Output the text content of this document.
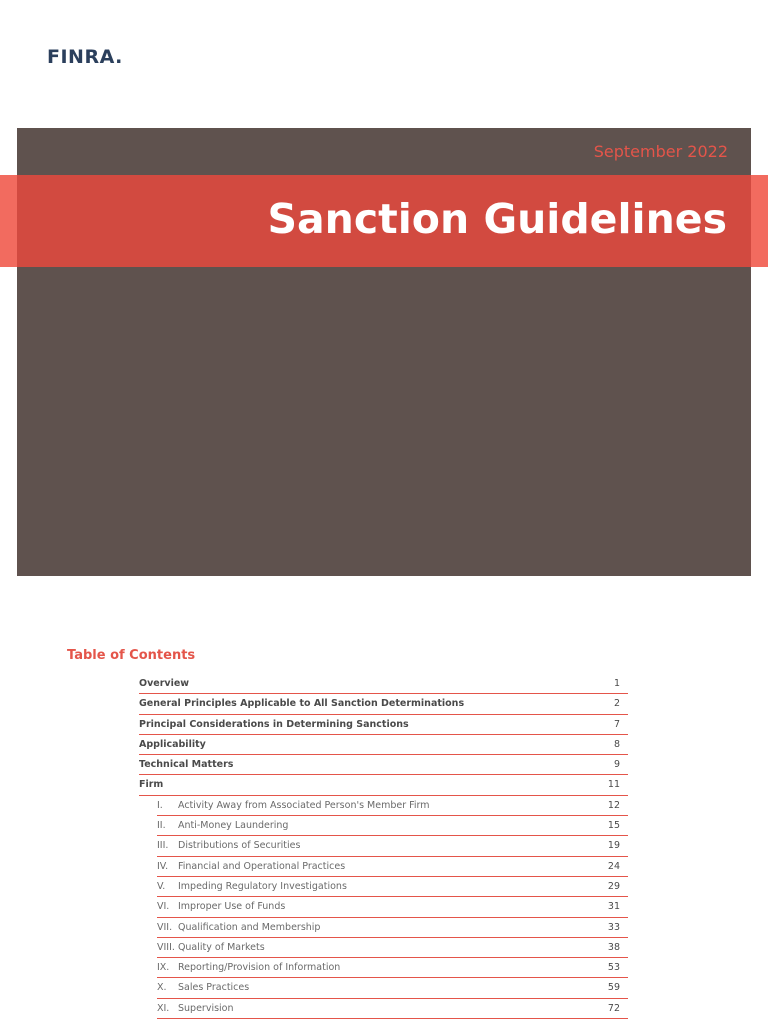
FINRA.
September 2022
Sanction Guidelines
Table of Contents
Overview	1
General Principles Applicable to All Sanction Determinations	2
Principal Considerations in Determining Sanctions	7
Applicability	8
Technical Matters	9
Firm	11
I. Activity Away from Associated Person's Member Firm	12
II. Anti-Money Laundering	15
III. Distributions of Securities	19
IV. Financial and Operational Practices	24
V. Impeding Regulatory Investigations	29
VI. Improper Use of Funds	31
VII. Qualification and Membership	33
VIII. Quality of Markets	38
IX. Reporting/Provision of Information	53
X. Sales Practices	59
XI. Supervision	72
